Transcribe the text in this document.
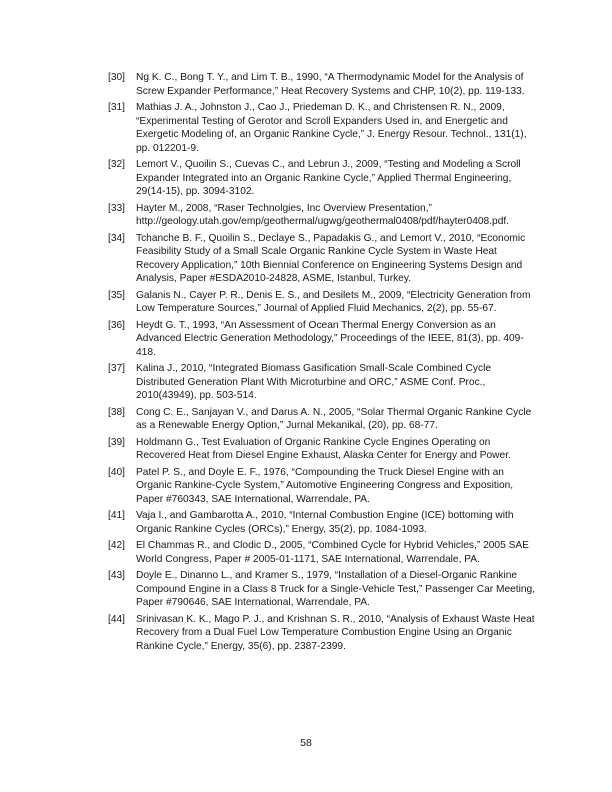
[30]	Ng K. C., Bong T. Y., and Lim T. B., 1990, “A Thermodynamic Model for the Analysis of Screw Expander Performance,” Heat Recovery Systems and CHP, 10(2), pp. 119-133.
[31]	Mathias J. A., Johnston J., Cao J., Priedeman D. K., and Christensen R. N., 2009, “Experimental Testing of Gerotor and Scroll Expanders Used in, and Energetic and Exergetic Modeling of, an Organic Rankine Cycle,” J. Energy Resour. Technol., 131(1), pp. 012201-9.
[32]	Lemort V., Quoilin S., Cuevas C., and Lebrun J., 2009, “Testing and Modeling a Scroll Expander Integrated into an Organic Rankine Cycle,” Applied Thermal Engineering, 29(14-15), pp. 3094-3102.
[33]	Hayter M., 2008, “Raser Technolgies, Inc Overview Presentation,” http://geology.utah.gov/emp/geothermal/ugwg/geothermal0408/pdf/hayter0408.pdf.
[34]	Tchanche B. F., Quoilin S., Declaye S., Papadakis G., and Lemort V., 2010, “Economic Feasibility Study of a Small Scale Organic Rankine Cycle System in Waste Heat Recovery Application,” 10th Biennial Conference on Engineering Systems Design and Analysis, Paper #ESDA2010-24828, ASME, Istanbul, Turkey.
[35]	Galanis N., Cayer P. R., Denis E. S., and Desilets M., 2009, “Electricity Generation from Low Temperature Sources,” Journal of Applied Fluid Mechanics, 2(2), pp. 55-67.
[36]	Heydt G. T., 1993, “An Assessment of Ocean Thermal Energy Conversion as an Advanced Electric Generation Methodology,” Proceedings of the IEEE, 81(3), pp. 409-418.
[37]	Kalina J., 2010, “Integrated Biomass Gasification Small-Scale Combined Cycle Distributed Generation Plant With Microturbine and ORC,” ASME Conf. Proc., 2010(43949), pp. 503-514.
[38]	Cong C. E., Sanjayan V., and Darus A. N., 2005, “Solar Thermal Organic Rankine Cycle as a Renewable Energy Option,” Jurnal Mekanikal, (20), pp. 68-77.
[39]	Holdmann G., Test Evaluation of Organic Rankine Cycle Engines Operating on Recovered Heat from Diesel Engine Exhaust, Alaska Center for Energy and Power.
[40]	Patel P. S., and Doyle E. F., 1976, “Compounding the Truck Diesel Engine with an Organic Rankine-Cycle System,” Automotive Engineering Congress and Exposition, Paper #760343, SAE International, Warrendale, PA.
[41]	Vaja I., and Gambarotta A., 2010, “Internal Combustion Engine (ICE) bottoming with Organic Rankine Cycles (ORCs),” Energy, 35(2), pp. 1084-1093.
[42]	El Chammas R., and Clodic D., 2005, “Combined Cycle for Hybrid Vehicles,” 2005 SAE World Congress, Paper # 2005-01-1171, SAE International, Warrendale, PA.
[43]	Doyle E., Dinanno L., and Kramer S., 1979, “Installation of a Diesel-Organic Rankine Compound Engine in a Class 8 Truck for a Single-Vehicle Test,” Passenger Car Meeting, Paper #790646, SAE International, Warrendale, PA.
[44]	Srinivasan K. K., Mago P. J., and Krishnan S. R., 2010, “Analysis of Exhaust Waste Heat Recovery from a Dual Fuel Low Temperature Combustion Engine Using an Organic Rankine Cycle,” Energy, 35(6), pp. 2387-2399.
58
